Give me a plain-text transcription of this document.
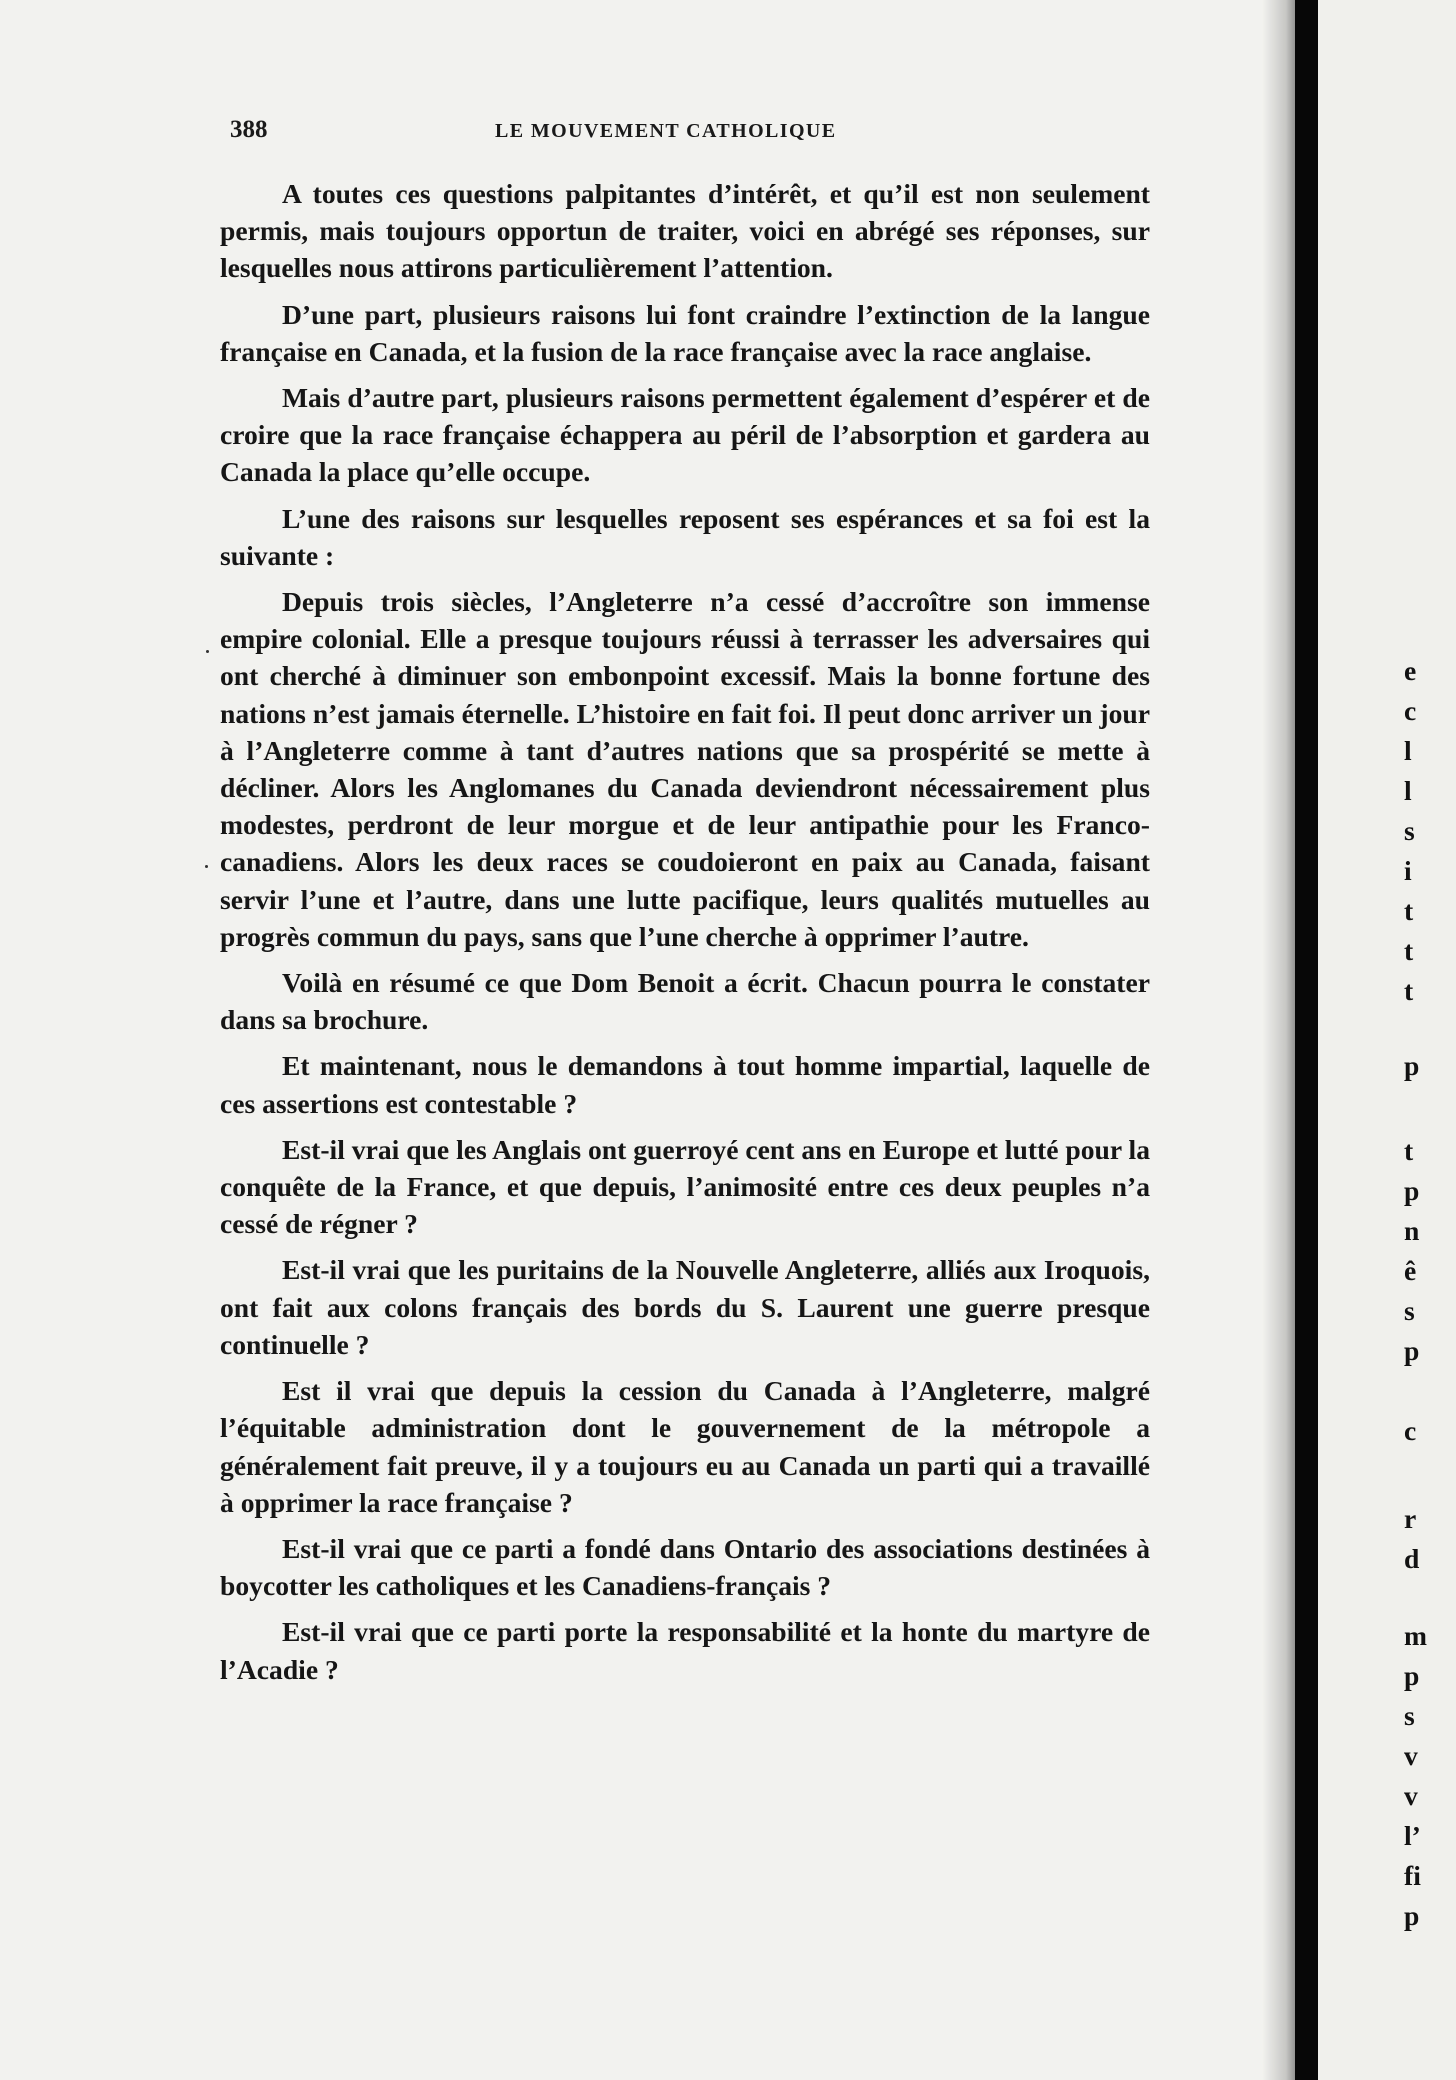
388	LE MOUVEMENT CATHOLIQUE

A toutes ces questions palpitantes d’intérêt, et qu’il est non seulement permis, mais toujours opportun de traiter, voici en abrégé ses réponses, sur lesquelles nous attirons particulièrement l’attention.

D’une part, plusieurs raisons lui font craindre l’extinction de la langue française en Canada, et la fusion de la race française avec la race anglaise.

Mais d’autre part, plusieurs raisons permettent également d’espérer et de croire que la race française échappera au péril de l’absorption et gardera au Canada la place qu’elle occupe.

L’une des raisons sur lesquelles reposent ses espérances et sa foi est la suivante :

Depuis trois siècles, l’Angleterre n’a cessé d’accroître son immense empire colonial. Elle a presque toujours réussi à terrasser les adversaires qui ont cherché à diminuer son embonpoint excessif. Mais la bonne fortune des nations n’est jamais éternelle. L’histoire en fait foi. Il peut donc arriver un jour à l’Angleterre comme à tant d’autres nations que sa prospérité se mette à décliner. Alors les Anglomanes du Canada deviendront nécessairement plus modestes, perdront de leur morgue et de leur antipathie pour les Franco-canadiens. Alors les deux races se coudoieront en paix au Canada, faisant servir l’une et l’autre, dans une lutte pacifique, leurs qualités mutuelles au progrès commun du pays, sans que l’une cherche à opprimer l’autre.

Voilà en résumé ce que Dom Benoit a écrit. Chacun pourra le constater dans sa brochure.

Et maintenant, nous le demandons à tout homme impartial, laquelle de ces assertions est contestable ?

Est-il vrai que les Anglais ont guerroyé cent ans en Europe et lutté pour la conquête de la France, et que depuis, l’animosité entre ces deux peuples n’a cessé de régner ?

Est-il vrai que les puritains de la Nouvelle Angleterre, alliés aux Iroquois, ont fait aux colons français des bords du S. Laurent une guerre presque continuelle ?

Est il vrai que depuis la cession du Canada à l’Angleterre, malgré l’équitable administration dont le gouvernement de la métropole a généralement fait preuve, il y a toujours eu au Canada un parti qui a travaillé à opprimer la race française ?

Est-il vrai que ce parti a fondé dans Ontario des associations destinées à boycotter les catholiques et les Canadiens-français ?

Est-il vrai que ce parti porte la responsabilité et la honte du martyre de l’Acadie ?

e
c
l
l
s
i
t
t
t
p
t
p
n
ê
s
p
c
r
d
m
p
s
v
v
l’
fi
p
